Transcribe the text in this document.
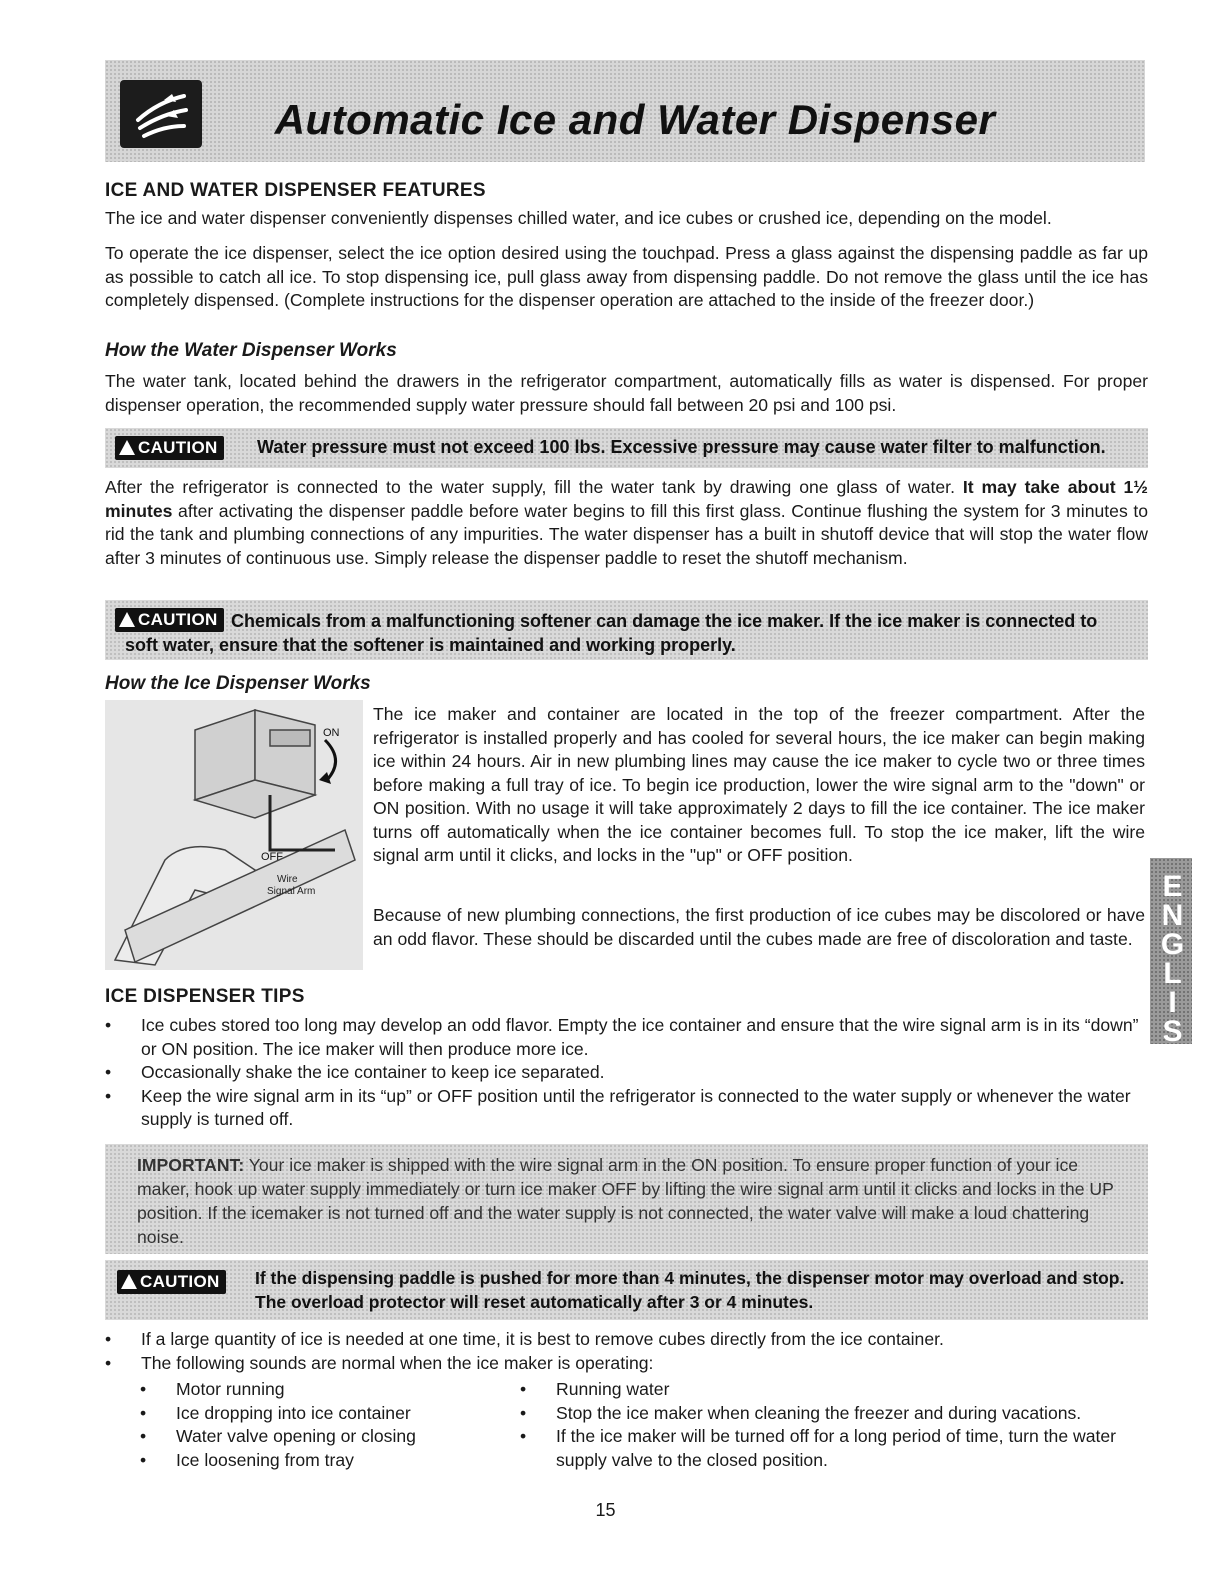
Automatic Ice and Water Dispenser
ICE AND WATER DISPENSER FEATURES

The ice and water dispenser conveniently dispenses chilled water, and ice cubes or crushed ice, depending on the model.

To operate the ice dispenser, select the ice option desired using the touchpad. Press a glass against the dispensing paddle as far up as possible to catch all ice. To stop dispensing ice, pull glass away from dispensing paddle. Do not remove the glass until the ice has completely dispensed. (Complete instructions for the dispenser operation are attached to the inside of the freezer door.)

How the Water Dispenser Works

The water tank, located behind the drawers in the refrigerator compartment, automatically fills as water is dispensed. For proper dispenser operation, the recommended supply water pressure should fall between 20 psi and 100 psi.

CAUTION	Water pressure must not exceed 100 lbs. Excessive pressure may cause water filter to malfunction.

After the refrigerator is connected to the water supply, fill the water tank by drawing one glass of water. It may take about 1½ minutes after activating the dispenser paddle before water begins to fill this first glass. Continue flushing the system for 3 minutes to rid the tank and plumbing connections of any impurities. The water dispenser has a built in shutoff device that will stop the water flow after 3 minutes of continuous use. Simply release the dispenser paddle to reset the shutoff mechanism.

CAUTION Chemicals from a malfunctioning softener can damage the ice maker. If the ice maker is connected to soft water, ensure that the softener is maintained and working properly.
How the Ice Dispenser Works
ON
OFF
Wire
Signal Arm

The ice maker and container are located in the top of the freezer compartment. After the refrigerator is installed properly and has cooled for several hours, the ice maker can begin making ice within 24 hours. Air in new plumbing lines may cause the ice maker to cycle two or three times before making a full tray of ice. To begin ice production, lower the wire signal arm to the "down" or ON position. With no usage it will take approximately 2 days to fill the ice container. The ice maker turns off automatically when the ice container becomes full. To stop the ice maker, lift the wire signal arm until it clicks, and locks in the "up" or OFF position.

Because of new plumbing connections, the first production of ice cubes may be discolored or have an odd flavor. These should be discarded until the cubes made are free of discoloration and taste.

ICE DISPENSER TIPS
• Ice cubes stored too long may develop an odd flavor. Empty the ice container and ensure that the wire signal arm is in its “down” or ON position. The ice maker will then produce more ice.
• Occasionally shake the ice container to keep ice separated.
• Keep the wire signal arm in its “up” or OFF position until the refrigerator is connected to the water supply or whenever the water supply is turned off.
IMPORTANT: Your ice maker is shipped with the wire signal arm in the ON position. To ensure proper function of your ice maker, hook up water supply immediately or turn ice maker OFF by lifting the wire signal arm until it clicks and locks in the UP position. If the icemaker is not turned off and the water supply is not connected, the water valve will make a loud chattering noise.
CAUTION	If the dispensing paddle is pushed for more than 4 minutes, the dispenser motor may overload and stop. The overload protector will reset automatically after 3 or 4 minutes.
• If a large quantity of ice is needed at one time, it is best to remove cubes directly from the ice container.
• The following sounds are normal when the ice maker is operating:
• Motor running
• Ice dropping into ice container
• Water valve opening or closing
• Ice loosening from tray
• Running water
• Stop the ice maker when cleaning the freezer and during vacations.
• If the ice maker will be turned off for a long period of time, turn the water supply valve to the closed position.
ENGLISH
15
